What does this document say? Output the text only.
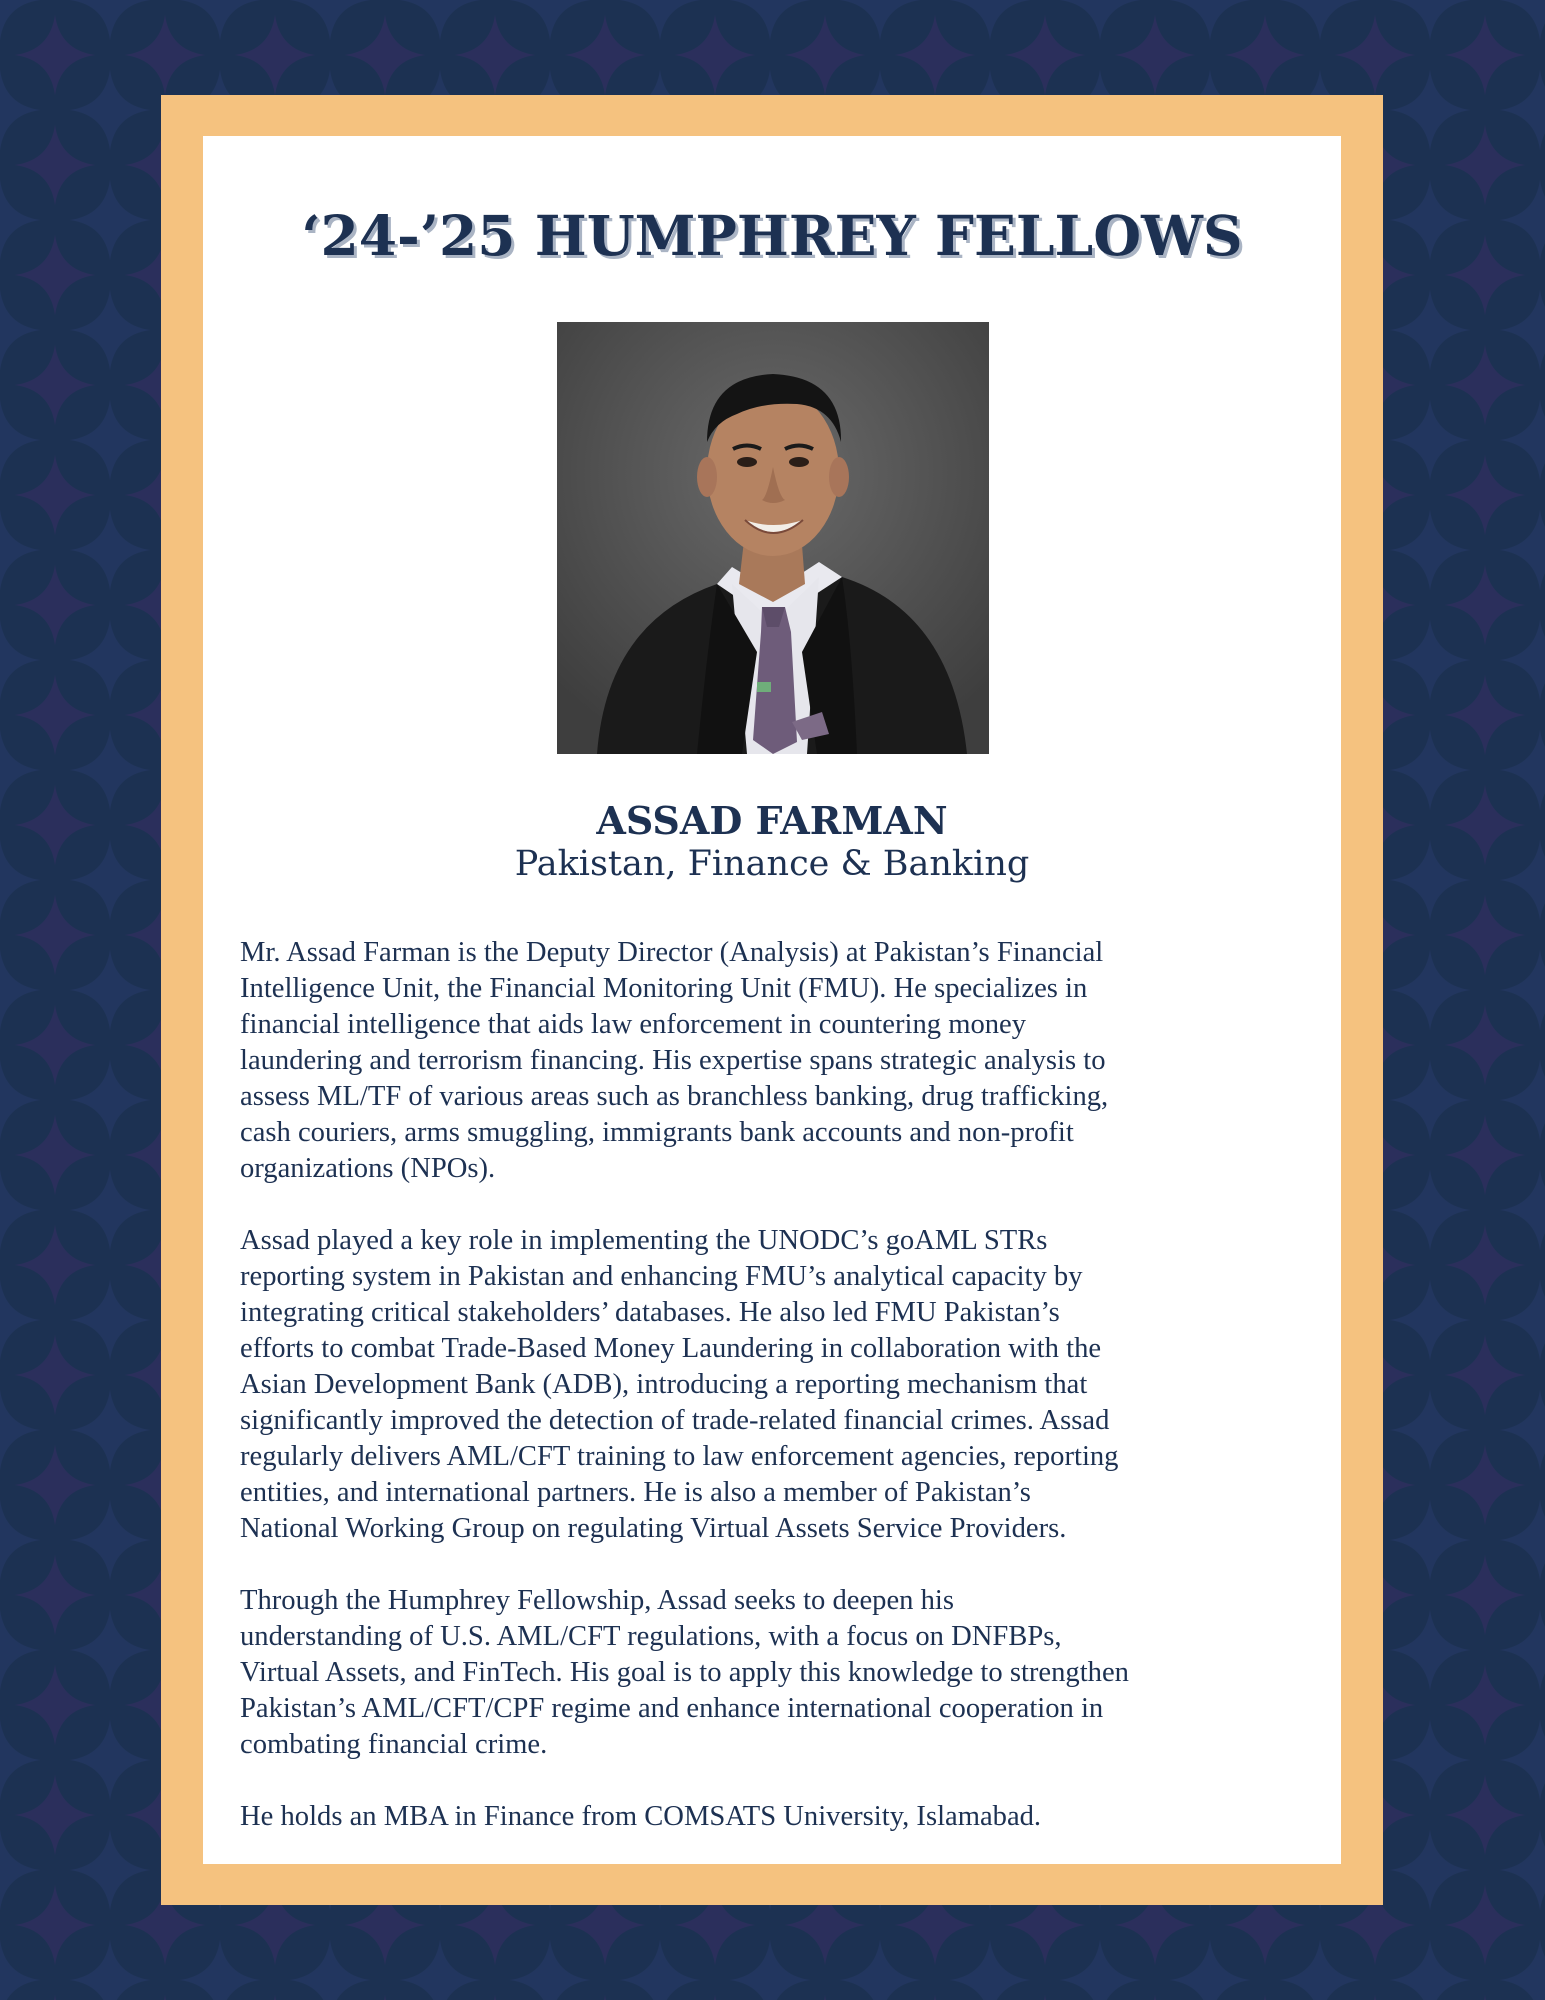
‘24-’25 HUMPHREY FELLOWS
ASSAD FARMAN
Pakistan, Finance & Banking

Mr. Assad Farman is the Deputy Director (Analysis) at Pakistan’s Financial
Intelligence Unit, the Financial Monitoring Unit (FMU). He specializes in
financial intelligence that aids law enforcement in countering money
laundering and terrorism financing. His expertise spans strategic analysis to
assess ML/TF of various areas such as branchless banking, drug trafficking,
cash couriers, arms smuggling, immigrants bank accounts and non-profit
organizations (NPOs).

Assad played a key role in implementing the UNODC’s goAML STRs
reporting system in Pakistan and enhancing FMU’s analytical capacity by
integrating critical stakeholders’ databases. He also led FMU Pakistan’s
efforts to combat Trade-Based Money Laundering in collaboration with the
Asian Development Bank (ADB), introducing a reporting mechanism that
significantly improved the detection of trade-related financial crimes. Assad
regularly delivers AML/CFT training to law enforcement agencies, reporting
entities, and international partners. He is also a member of Pakistan’s
National Working Group on regulating Virtual Assets Service Providers.

Through the Humphrey Fellowship, Assad seeks to deepen his
understanding of U.S. AML/CFT regulations, with a focus on DNFBPs,
Virtual Assets, and FinTech. His goal is to apply this knowledge to strengthen
Pakistan’s AML/CFT/CPF regime and enhance international cooperation in
combating financial crime.

He holds an MBA in Finance from COMSATS University, Islamabad.
